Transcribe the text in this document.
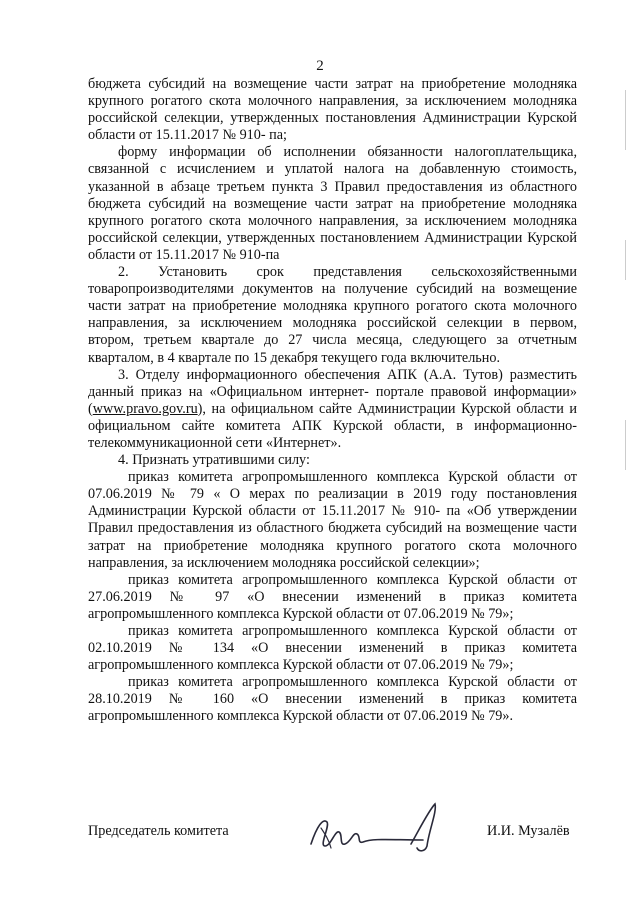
2

бюджета субсидий на возмещение части затрат на приобретение молодняка крупного рогатого скота молочного направления, за исключением молодняка российской селекции, утвержденных постановления Администрации Курской области от 15.11.2017 № 910- па;

форму информации об исполнении обязанности налогоплательщика, связанной с исчислением и уплатой налога на добавленную стоимость, указанной в абзаце третьем пункта 3 Правил предоставления из областного бюджета субсидий на возмещение части затрат на приобретение молодняка крупного рогатого скота молочного направления, за исключением молодняка российской селекции, утвержденных постановлением Администрации Курской области от 15.11.2017 № 910-па

2. Установить срок представления сельскохозяйственными товаропроизводителями документов на получение субсидий на возмещение части затрат на приобретение молодняка крупного рогатого скота молочного направления, за исключением молодняка российской селекции в первом, втором, третьем квартале до 27 числа месяца, следующего за отчетным кварталом, в 4 квартале по 15 декабря текущего года включительно.

3. Отделу информационного обеспечения АПК (А.А. Тутов) разместить данный приказ на «Официальном интернет- портале правовой информации» (www.pravo.gov.ru), на официальном сайте Администрации Курской области и официальном сайте комитета АПК Курской области, в информационно- телекоммуникационной сети «Интернет».

4. Признать утратившими силу:

приказ комитета агропромышленного комплекса Курской области от 07.06.2019 № 79 « О мерах по реализации в 2019 году постановления Администрации Курской области от 15.11.2017 № 910- па «Об утверждении Правил предоставления из областного бюджета субсидий на возмещение части затрат на приобретение молодняка крупного рогатого скота молочного направления, за исключением молодняка российской селекции»;

приказ комитета агропромышленного комплекса Курской области от 27.06.2019 № 97 «О внесении изменений в приказ комитета агропромышленного комплекса Курской области от 07.06.2019 № 79»;

приказ комитета агропромышленного комплекса Курской области от 02.10.2019 № 134 «О внесении изменений в приказ комитета агропромышленного комплекса Курской области от 07.06.2019 № 79»;

приказ комитета агропромышленного комплекса Курской области от 28.10.2019 № 160 «О внесении изменений в приказ комитета агропромышленного комплекса Курской области от 07.06.2019 № 79».

Председатель комитета	И.И. Музалёв
